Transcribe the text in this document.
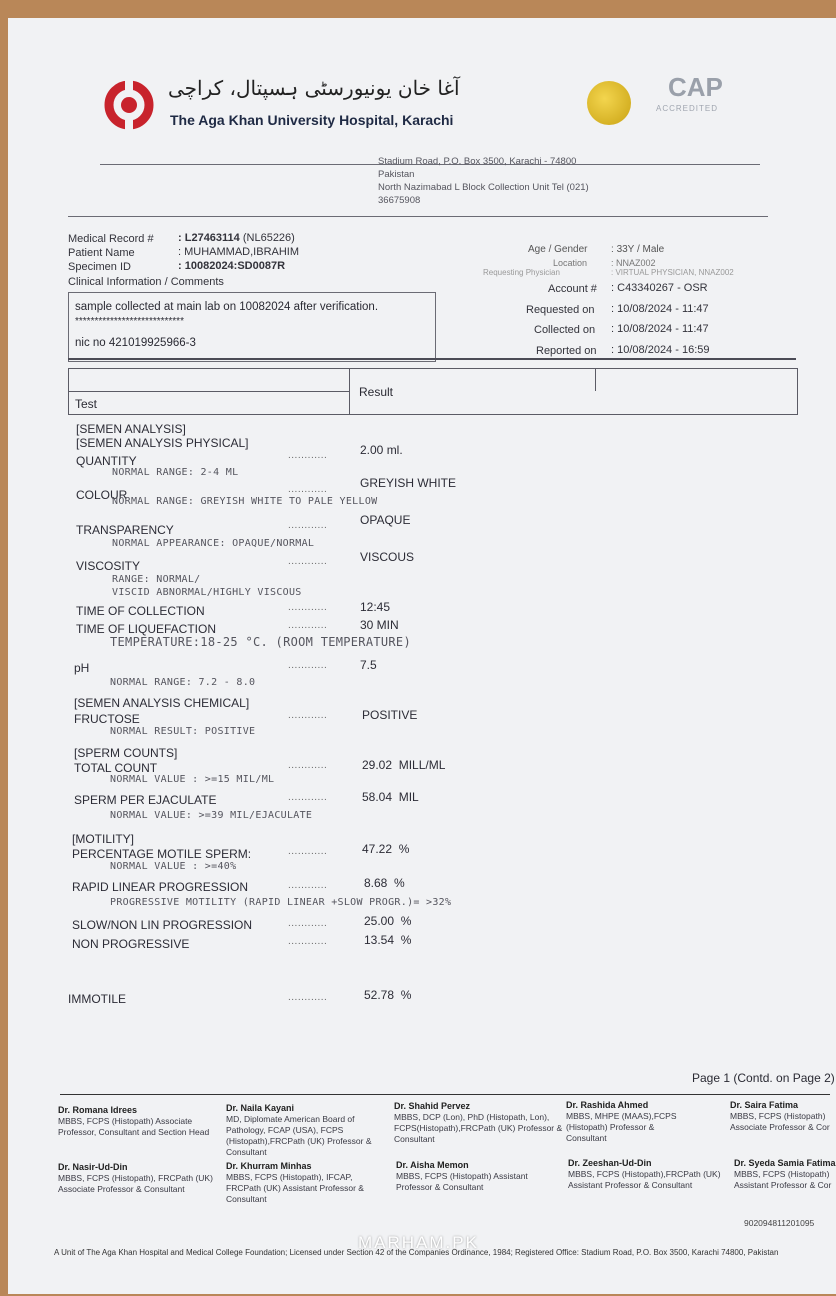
آغا خان یونیورسٹی ہسپتال، کراچی
The Aga Khan University Hospital, Karachi
CAP
ACCREDITED
Stadium Road, P.O. Box 3500, Karachi - 74800
Pakistan
North Nazimabad L Block Collection Unit Tel (021)
36675908
Medical Record # : L27463114 (NL65226)
Patient Name	: MUHAMMAD,IBRAHIM
Specimen ID	: 10082024:SD0087R
Clinical Information / Comments
sample collected at main lab on 10082024 after verification.
****************************
nic no 421019925966-3
Age / Gender : 33Y / Male
Location	: NNAZ002
Requesting Physician	: VIRTUAL PHYSICIAN, NNAZ002
Account # : C43340267 - OSR
Requested on : 10/08/2024 - 11:47
Collected on : 10/08/2024 - 11:47
Reported on : 10/08/2024 - 16:59
Test
Result
[SEMEN ANALYSIS]
[SEMEN ANALYSIS PHYSICAL]
QUANTITY	............	2.00 ml.
NORMAL RANGE: 2-4 ML
COLOUR	............	GREYISH WHITE
NORMAL RANGE: GREYISH WHITE TO PALE YELLOW
TRANSPARENCY	............	OPAQUE
NORMAL APPEARANCE: OPAQUE/NORMAL
VISCOSITY	............	VISCOUS
RANGE: NORMAL/
VISCID ABNORMAL/HIGHLY VISCOUS
TIME OF COLLECTION	............	12:45
TIME OF LIQUEFACTION	............	30 MIN
TEMPERATURE:18-25 °C. (ROOM TEMPERATURE)
pH	............	7.5
NORMAL RANGE: 7.2 - 8.0
[SEMEN ANALYSIS CHEMICAL]
FRUCTOSE	............	POSITIVE
NORMAL RESULT: POSITIVE
[SPERM COUNTS]
TOTAL COUNT	............	29.02 MILL/ML
NORMAL VALUE : >=15 MIL/ML
SPERM PER EJACULATE	............	58.04 MIL
NORMAL VALUE: >=39 MIL/EJACULATE
[MOTILITY]
PERCENTAGE MOTILE SPERM:	............	47.22 %
NORMAL VALUE : >=40%
RAPID LINEAR PROGRESSION	............	8.68 %
PROGRESSIVE MOTILITY (RAPID LINEAR +SLOW PROGR.)= >32%
SLOW/NON LIN PROGRESSION	............	25.00 %
NON PROGRESSIVE	............	13.54 %
IMMOTILE	............	52.78 %
Page 1 (Contd. on Page 2)
Dr. Romana Idrees
MBBS, FCPS (Histopath) Associate Professor, Consultant and Section Head
Dr. Naila Kayani
MD, Diplomate American Board of Pathology, FCAP (USA), FCPS (Histopath),FRCPath (UK) Professor & Consultant
Dr. Shahid Pervez
MBBS, DCP (Lon), PhD (Histopath, Lon), FCPS(Histopath),FRCPath (UK) Professor & Consultant
Dr. Rashida Ahmed
MBBS, MHPE (MAAS),FCPS (Histopath) Professor & Consultant
Dr. Saira Fatima
MBBS, FCPS (Histopath) Associate Professor & Cor
Dr. Nasir-Ud-Din
MBBS, FCPS (Histopath), FRCPath (UK) Associate Professor & Consultant
Dr. Khurram Minhas
MBBS, FCPS (Histopath), IFCAP, FRCPath (UK) Assistant Professor & Consultant
Dr. Aisha Memon
MBBS, FCPS (Histopath) Assistant Professor & Consultant
Dr. Zeeshan-Ud-Din
MBBS, FCPS (Histopath),FRCPath (UK) Assistant Professor & Consultant
Dr. Syeda Samia Fatima
MBBS, FCPS (Histopath) Assistant Professor & Cor
902094811201095
MARHAM.PK
A Unit of The Aga Khan Hospital and Medical College Foundation; Licensed under Section 42 of the Companies Ordinance, 1984; Registered Office: Stadium Road, P.O. Box 3500, Karachi 74800, Pakistan
